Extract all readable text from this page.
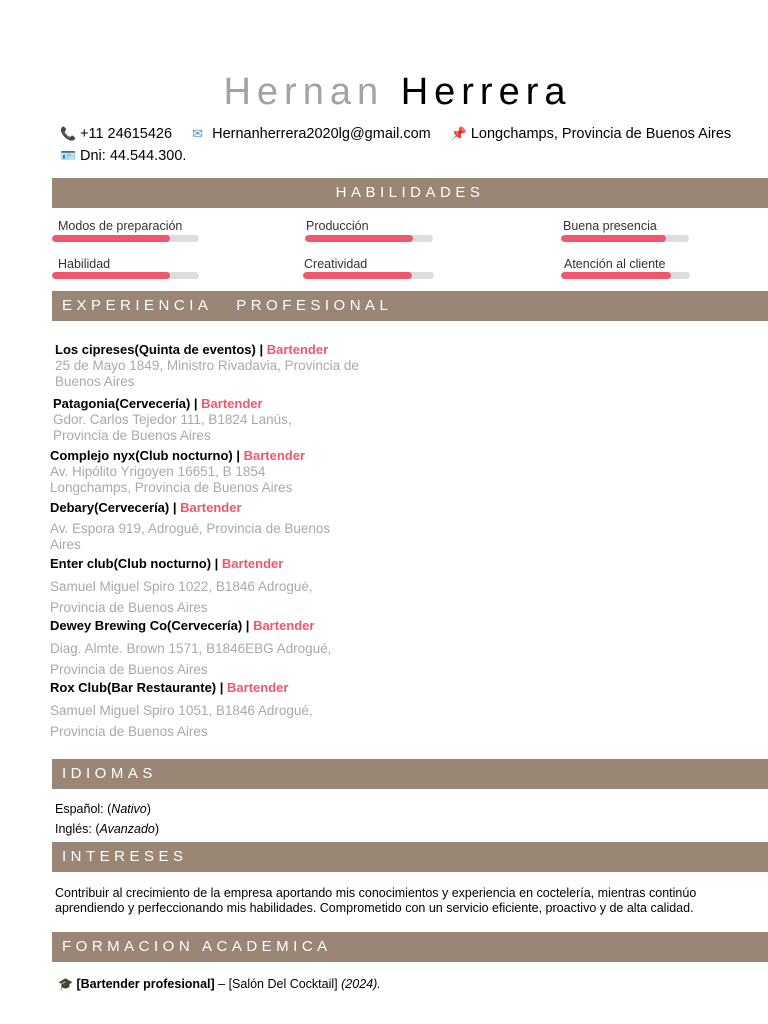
Hernan Herrera
📞 +11 24615426 ✉ Hernanherrera2020lg@gmail.com 📌 Longchamps, Provincia de Buenos Aires
🪪 Dni: 44.544.300.
HABILIDADES
Modos de preparación	Producción	Buena presencia
Habilidad	Creatividad	Atención al cliente
EXPERIENCIA PROFESIONAL
Los cipreses(Quinta de eventos) | Bartender
25 de Mayo 1849, Ministro Rivadavia, Provincia de Buenos Aires
Patagonia(Cervecería) | Bartender
Gdor. Carlos Tejedor 111, B1824 Lanús, Provincia de Buenos Aires
Complejo nyx(Club nocturno) | Bartender
Av. Hipólito Yrigoyen 16651, B 1854 Longchamps, Provincia de Buenos Aires
Debary(Cervecería) | Bartender
Av. Espora 919, Adrogué, Provincia de Buenos Aires
Enter club(Club nocturno) | Bartender
Samuel Miguel Spiro 1022, B1846 Adrogué, Provincia de Buenos Aires
Dewey Brewing Co(Cervecería) | Bartender
Diag. Almte. Brown 1571, B1846EBG Adrogué, Provincia de Buenos Aires
Rox Club(Bar Restaurante) | Bartender
Samuel Miguel Spiro 1051, B1846 Adrogué, Provincia de Buenos Aires
IDIOMAS
Español: (Nativo)
Inglés: (Avanzado)
INTERESES
Contribuir al crecimiento de la empresa aportando mis conocimientos y experiencia en coctelería, mientras continúo aprendiendo y perfeccionando mis habilidades. Comprometido con un servicio eficiente, proactivo y de alta calidad.
FORMACION ACADEMICA
🎓 [Bartender profesional] – [Salón Del Cocktail] (2024).
